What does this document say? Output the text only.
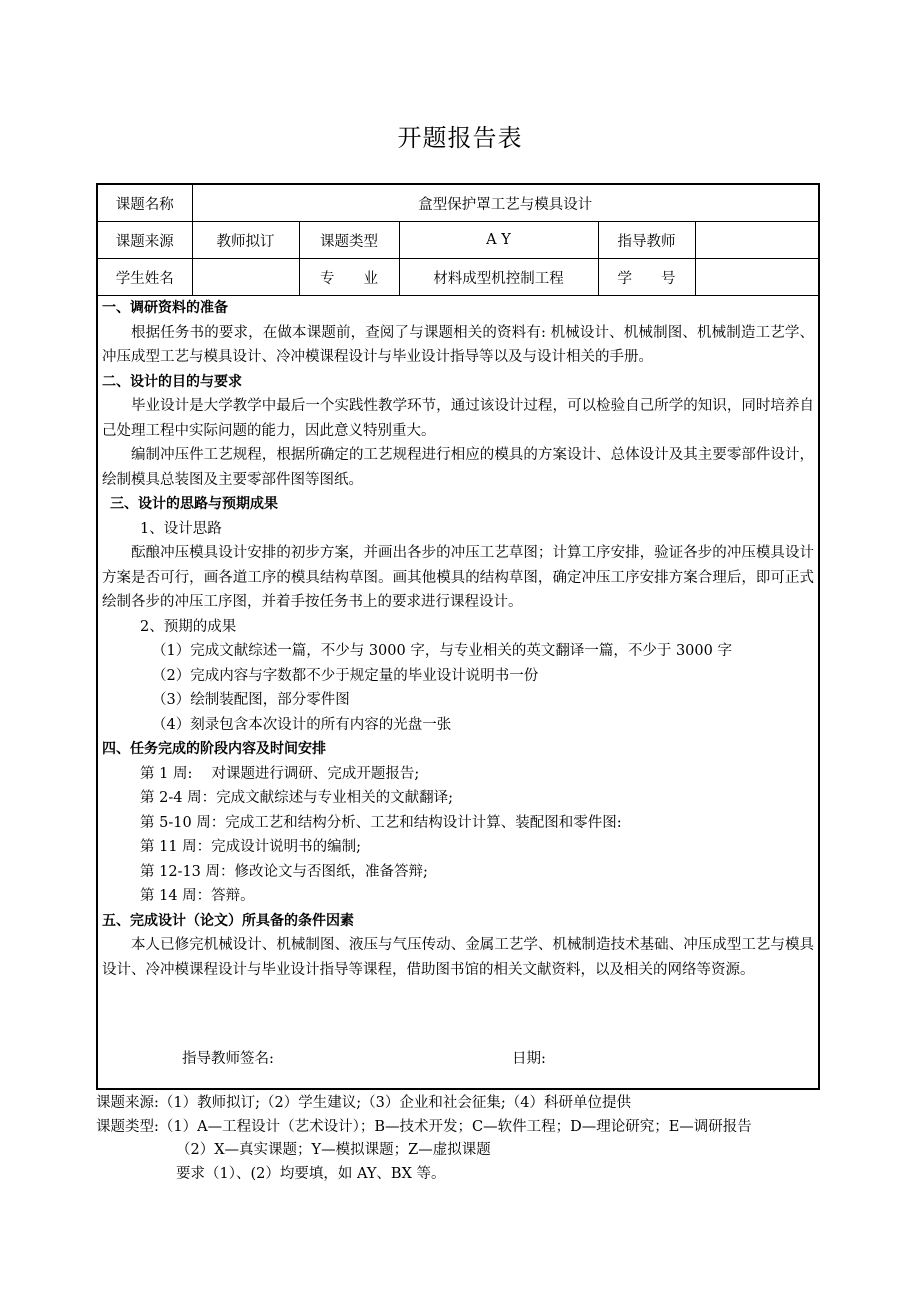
开题报告表
课题名称	盒型保护罩工艺与模具设计				
课题来源	教师拟订	课题类型	A Y	指导教师	
学生姓名		专　　业	材料成型机控制工程	学　　号	
一、调研资料的准备
根据任务书的要求，在做本课题前，查阅了与课题相关的资料有: 机械设计、机械制图、机械制造工艺学、冲压成型工艺与模具设计、冷冲模课程设计与毕业设计指导等以及与设计相关的手册。
二、设计的目的与要求
毕业设计是大学教学中最后一个实践性教学环节，通过该设计过程，可以检验自己所学的知识，同时培养自己处理工程中实际问题的能力，因此意义特别重大。
编制冲压件工艺规程，根据所确定的工艺规程进行相应的模具的方案设计、总体设计及其主要零部件设计，绘制模具总装图及主要零部件图等图纸。
三、设计的思路与预期成果
1、设计思路
酝酿冲压模具设计安排的初步方案，并画出各步的冲压工艺草图；计算工序安排，验证各步的冲压模具设计方案是否可行，画各道工序的模具结构草图。画其他模具的结构草图，确定冲压工序安排方案合理后，即可正式绘制各步的冲压工序图，并着手按任务书上的要求进行课程设计。
2、预期的成果
（1）完成文献综述一篇，不少与 3000 字，与专业相关的英文翻译一篇，不少于 3000 字
（2）完成内容与字数都不少于规定量的毕业设计说明书一份
（3）绘制装配图，部分零件图
（4）刻录包含本次设计的所有内容的光盘一张
四、任务完成的阶段内容及时间安排
第 1 周:　 对课题进行调研、完成开题报告;
第 2-4 周：完成文献综述与专业相关的文献翻译;
第 5-10 周：完成工艺和结构分析、工艺和结构设计计算、装配图和零件图:
第 11 周：完成设计说明书的编制;
第 12-13 周：修改论文与否图纸，准备答辩;
第 14 周：答辩。
五、完成设计（论文）所具备的条件因素
本人已修完机械设计、机械制图、液压与气压传动、金属工艺学、机械制造技术基础、冲压成型工艺与模具设计、冷冲模课程设计与毕业设计指导等课程，借助图书馆的相关文献资料，以及相关的网络等资源。
指导教师签名:	日期:
课题来源:（1）教师拟订;（2）学生建议;（3）企业和社会征集;（4）科研单位提供
课题类型:（1）A—工程设计（艺术设计）；B—技术开发；C—软件工程；D—理论研究；E—调研报告
（2）X—真实课题；Y—模拟课题；Z—虚拟课题
要求（1）、(2）均要填，如 AY、BX 等。
